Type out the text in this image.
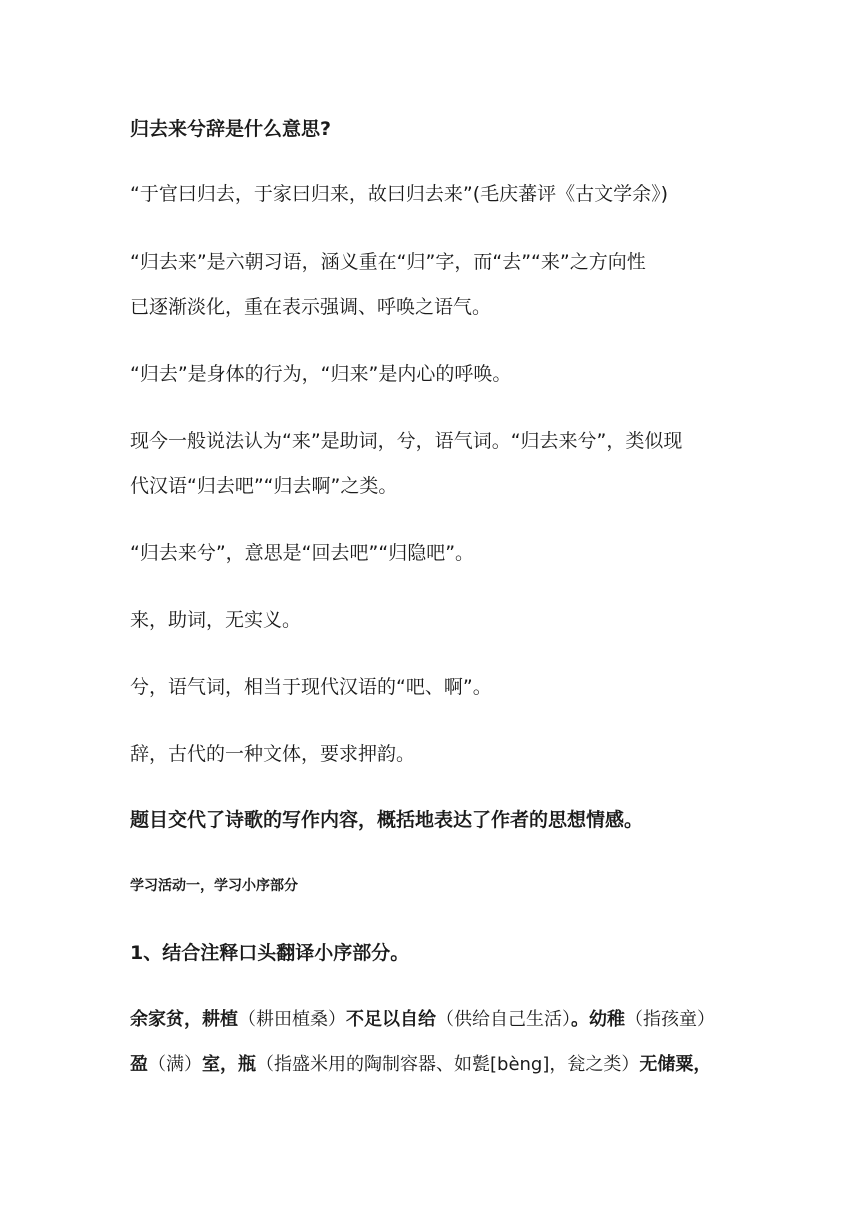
归去来兮辞是什么意思?
“于官曰归去，于家曰归来，故曰归去来”(毛庆蕃评《古文学余》)
“归去来”是六朝习语，涵义重在“归”字，而“去”“来”之方向性
已逐渐淡化，重在表示强调、呼唤之语气。
“归去”是身体的行为，“归来”是内心的呼唤。
现今一般说法认为“来”是助词，兮，语气词。“归去来兮”，类似现
代汉语“归去吧”“归去啊”之类。
“归去来兮”，意思是“回去吧”“归隐吧”。
来，助词，无实义。
兮，语气词，相当于现代汉语的“吧、啊”。
辞，古代的一种文体，要求押韵。
题目交代了诗歌的写作内容，概括地表达了作者的思想情感。
学习活动一，学习小序部分
1、结合注释口头翻译小序部分。
余家贫，耕植（耕田植桑）不足以自给（供给自己生活）。幼稚（指孩童）
盈（满）室，瓶（指盛米用的陶制容器、如甏[bèng]，瓮之类）无储粟，
